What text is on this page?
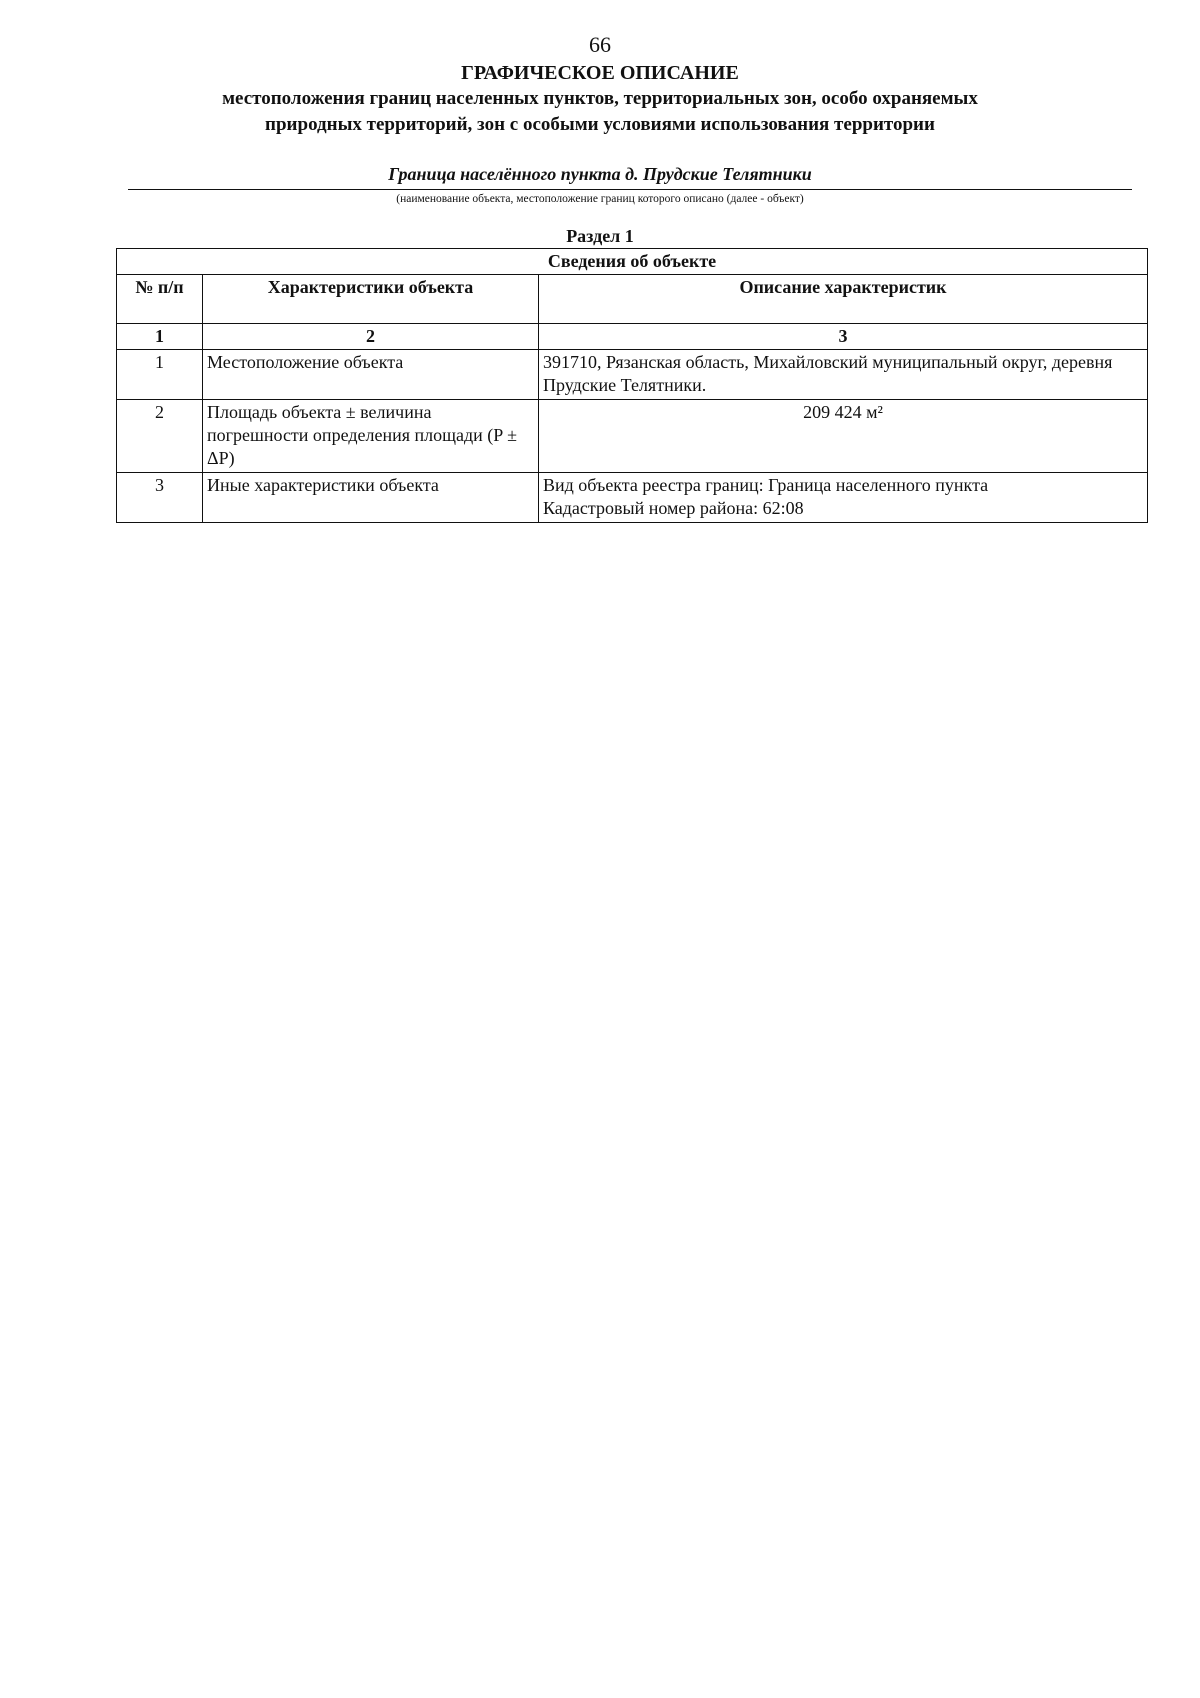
66
ГРАФИЧЕСКОЕ ОПИСАНИЕ
местоположения границ населенных пунктов, территориальных зон, особо охраняемых природных территорий, зон с особыми условиями использования территории
Граница населённого пункта д. Прудские Телятники
(наименование объекта, местоположение границ которого описано (далее - объект)
Раздел 1
Сведения об объекте		
№ п/п	Характеристики объекта	Описание характеристик
1	2	3
1	Местоположение объекта	391710, Рязанская область, Михайловский муниципальный округ, деревня Прудские Телятники.
2	Площадь объекта ± величина погрешности определения площади (P ± ΔP)	209 424 м²
3	Иные характеристики объекта	Вид объекта реестра границ: Граница населенного пункта
Кадастровый номер района: 62:08
